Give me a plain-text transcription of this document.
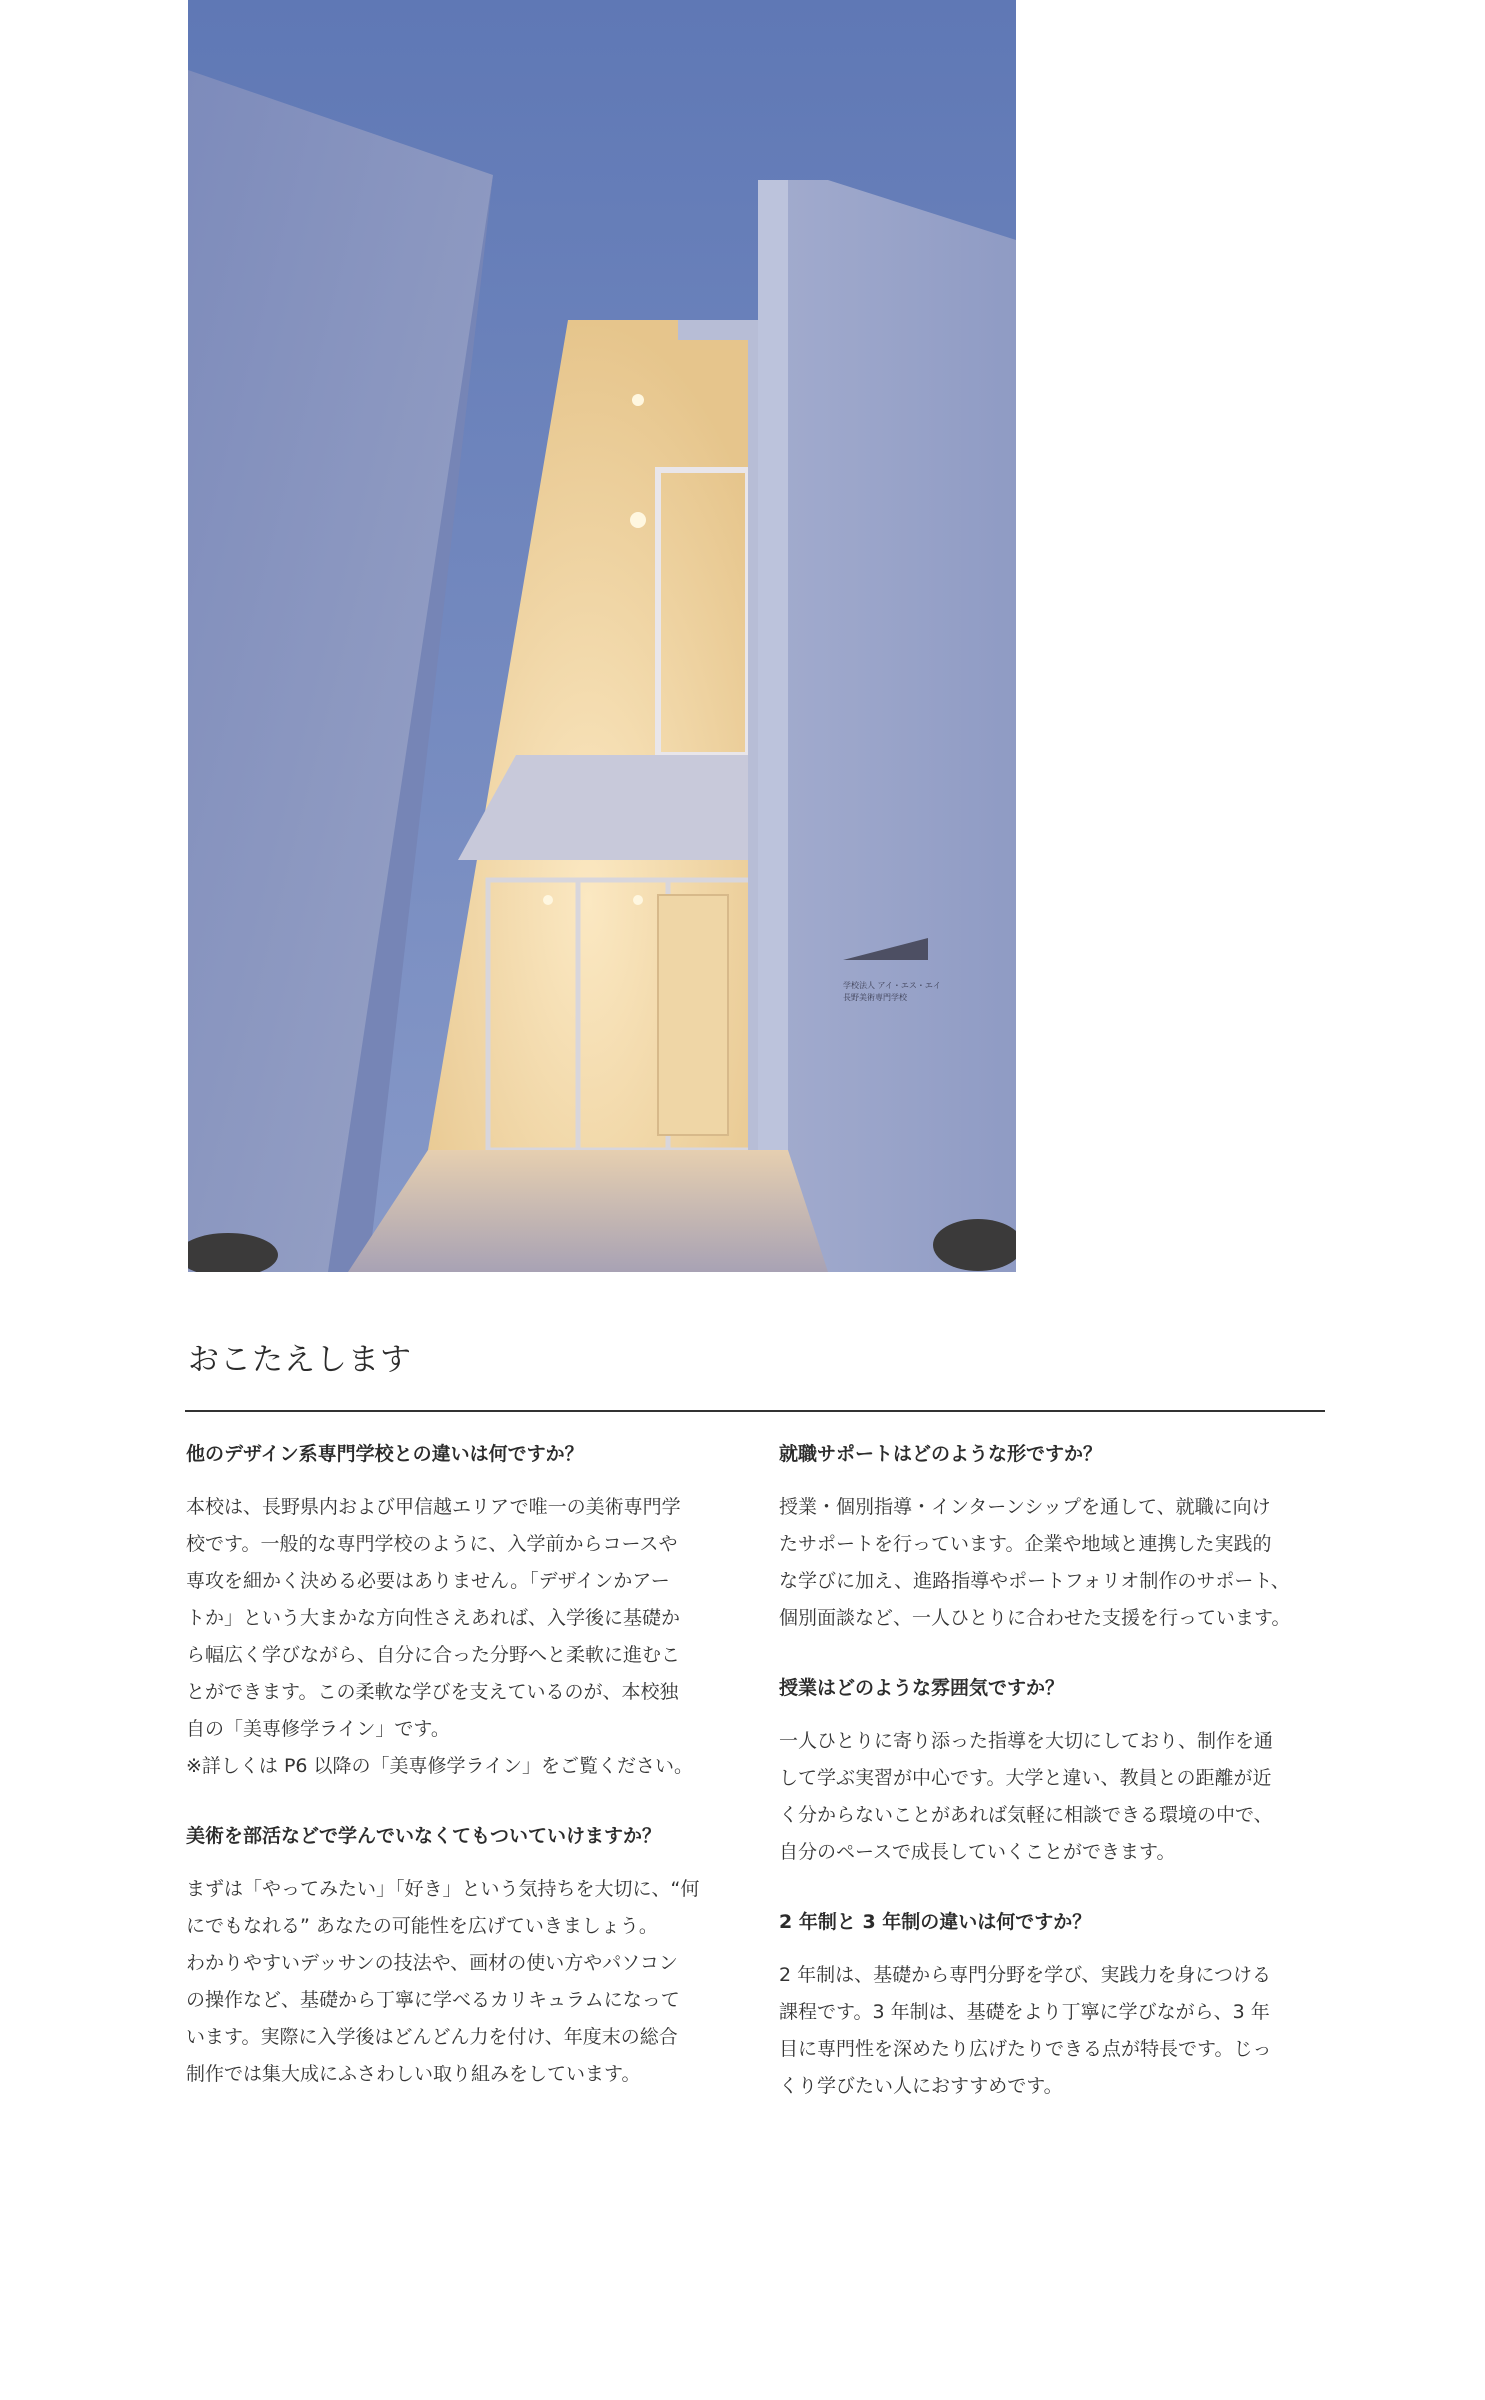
学校法人 アイ・エス・エイ
長野美術専門学校
おこたえします

他のデザイン系専門学校との違いは何ですか？

本校は、長野県内および甲信越エリアで唯一の美術専門学
校です。一般的な専門学校のように、入学前からコースや
専攻を細かく決める必要はありません。「デザインかアー
トか」という大まかな方向性さえあれば、入学後に基礎か
ら幅広く学びながら、自分に合った分野へと柔軟に進むこ
とができます。この柔軟な学びを支えているのが、本校独
自の「美専修学ライン」です。
※詳しくは P6 以降の「美専修学ライン」をご覧ください。

美術を部活などで学んでいなくてもついていけますか？

まずは「やってみたい」「好き」という気持ちを大切に、“何
にでもなれる” あなたの可能性を広げていきましょう。
わかりやすいデッサンの技法や、画材の使い方やパソコン
の操作など、基礎から丁寧に学べるカリキュラムになって
います。実際に入学後はどんどん力を付け、年度末の総合
制作では集大成にふさわしい取り組みをしています。

就職サポートはどのような形ですか？

授業・個別指導・インターンシップを通して、就職に向け
たサポートを行っています。企業や地域と連携した実践的
な学びに加え、進路指導やポートフォリオ制作のサポート、
個別面談など、一人ひとりに合わせた支援を行っています。

授業はどのような雰囲気ですか？

一人ひとりに寄り添った指導を大切にしており、制作を通
して学ぶ実習が中心です。大学と違い、教員との距離が近
く分からないことがあれば気軽に相談できる環境の中で、
自分のペースで成長していくことができます。

2 年制と 3 年制の違いは何ですか？

2 年制は、基礎から専門分野を学び、実践力を身につける
課程です。3 年制は、基礎をより丁寧に学びながら、3 年
目に専門性を深めたり広げたりできる点が特長です。じっ
くり学びたい人におすすめです。
